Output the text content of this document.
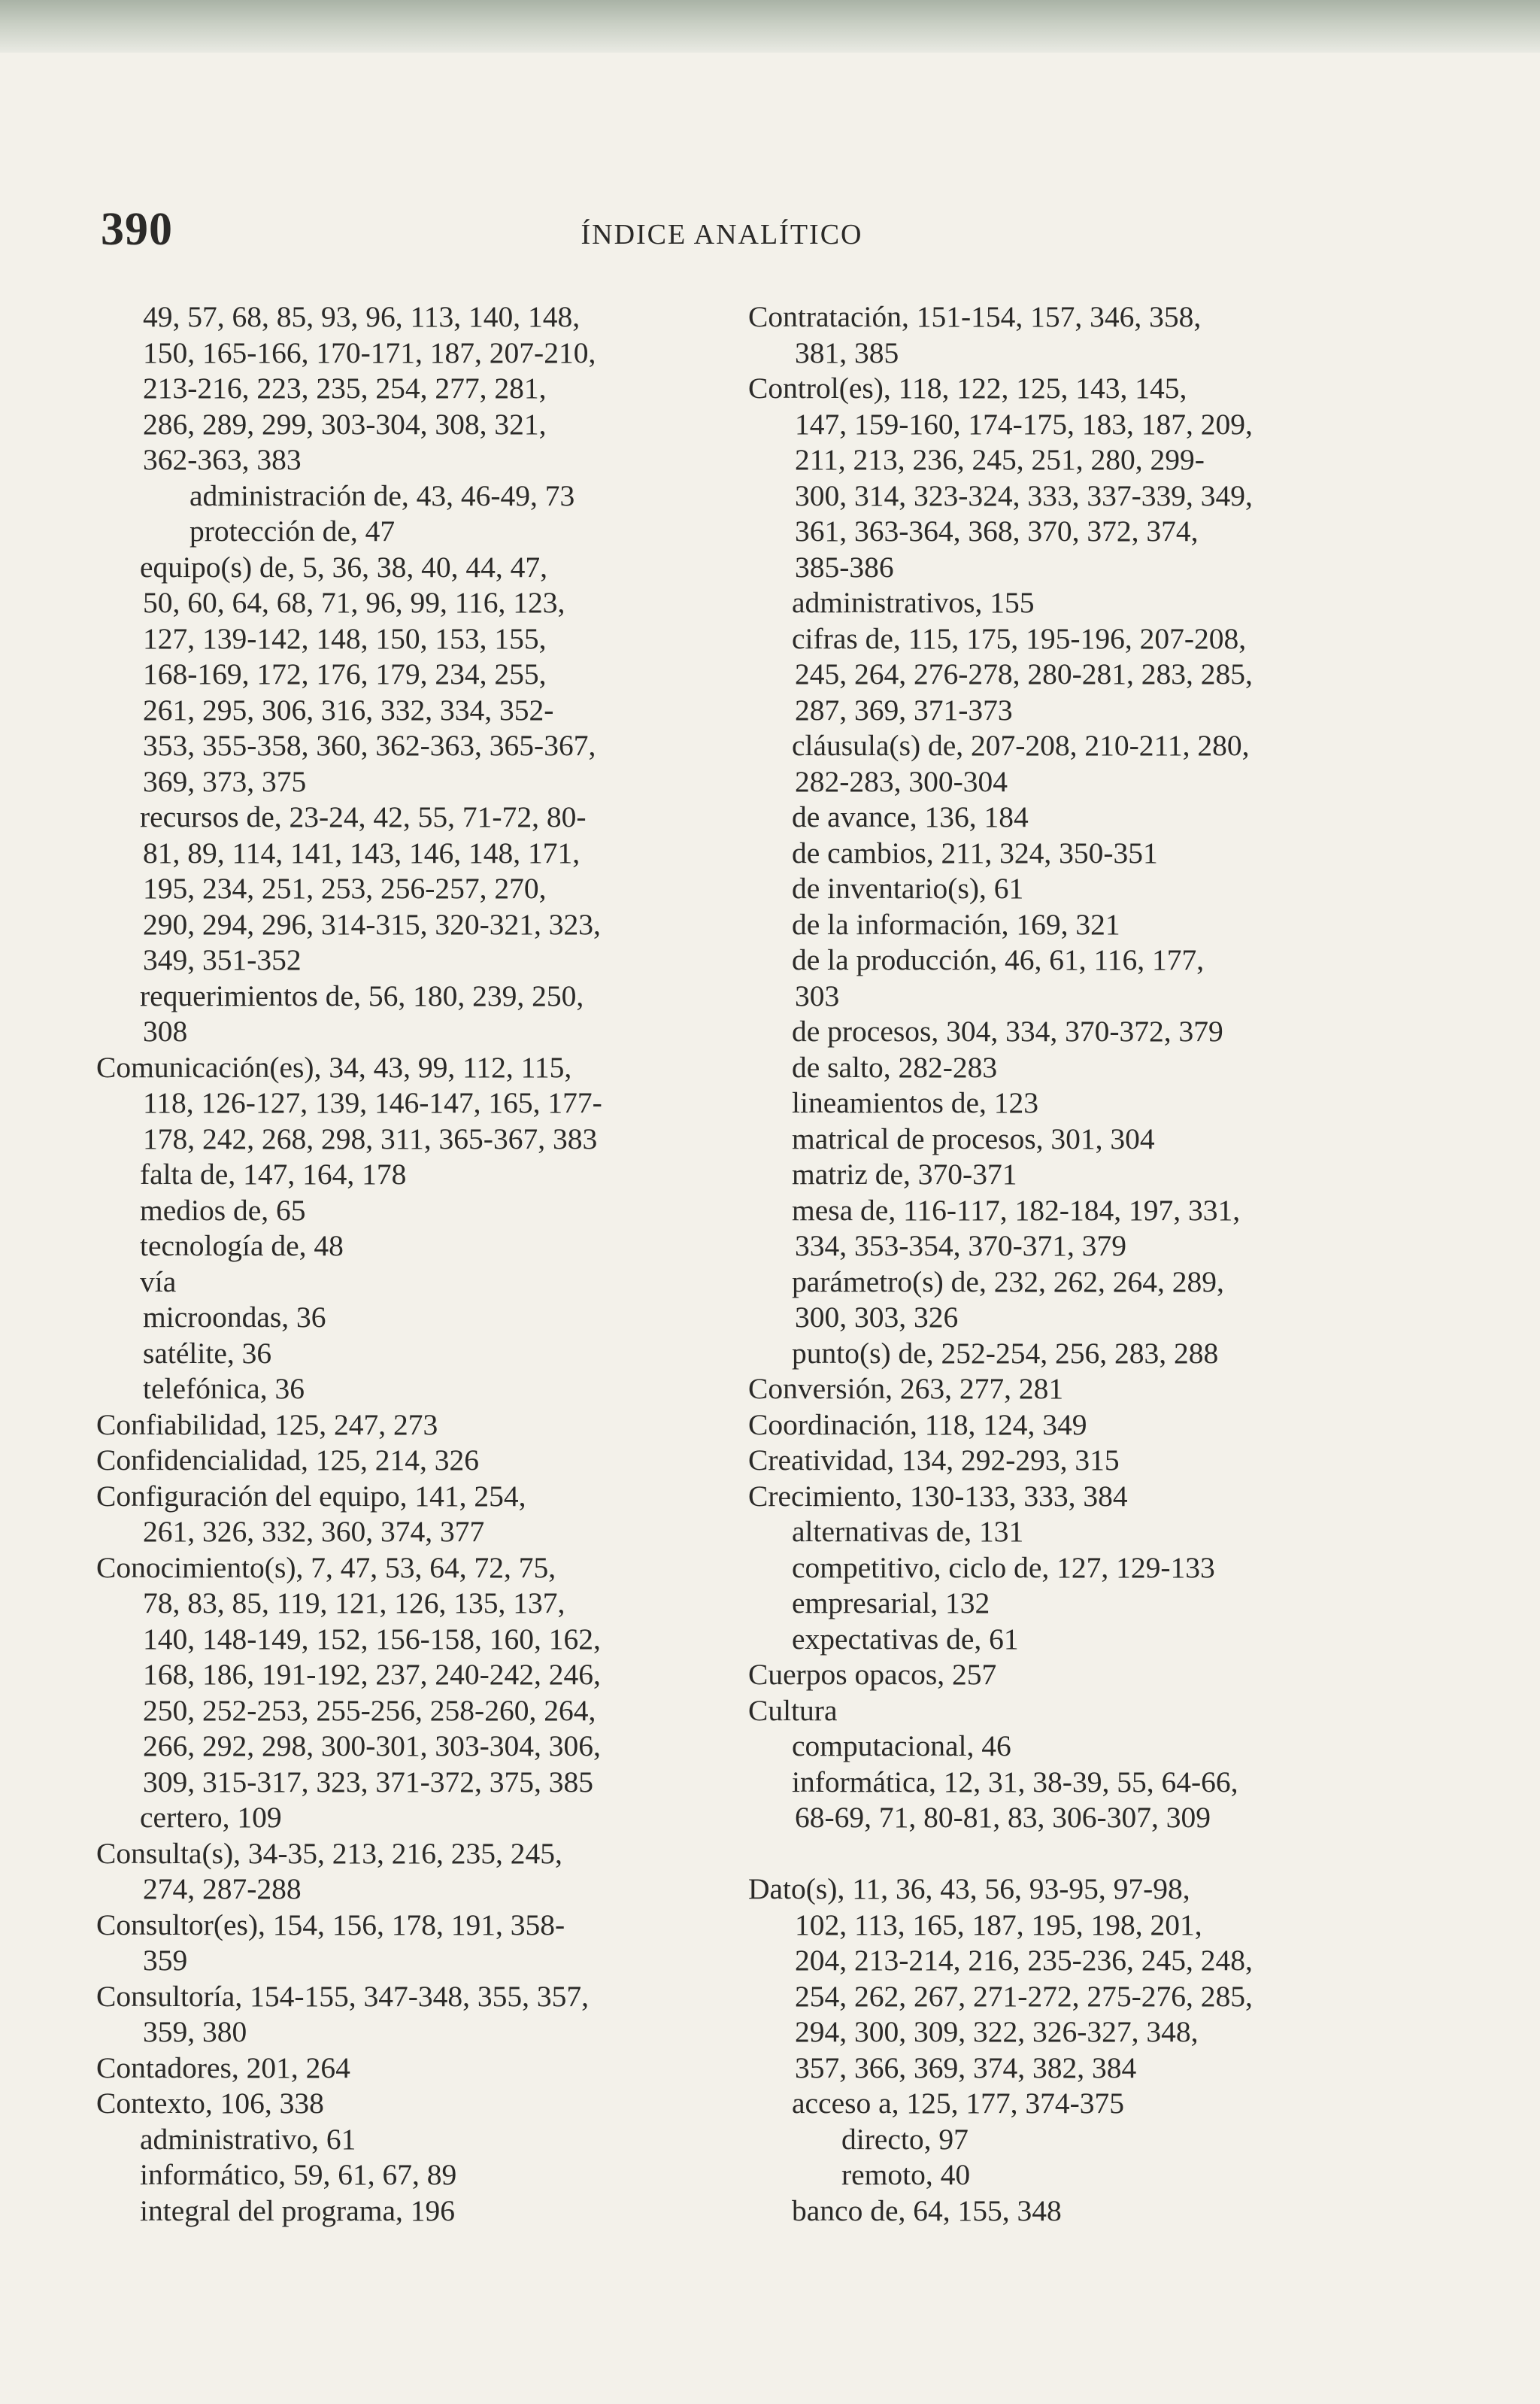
390	ÍNDICE ANALÍTICO
49, 57, 68, 85, 93, 96, 113, 140, 148,
150, 165-166, 170-171, 187, 207-210,
213-216, 223, 235, 254, 277, 281,
286, 289, 299, 303-304, 308, 321,
362-363, 383
administración de, 43, 46-49, 73
protección de, 47
equipo(s) de, 5, 36, 38, 40, 44, 47,
50, 60, 64, 68, 71, 96, 99, 116, 123,
127, 139-142, 148, 150, 153, 155,
168-169, 172, 176, 179, 234, 255,
261, 295, 306, 316, 332, 334, 352-
353, 355-358, 360, 362-363, 365-367,
369, 373, 375
recursos de, 23-24, 42, 55, 71-72, 80-
81, 89, 114, 141, 143, 146, 148, 171,
195, 234, 251, 253, 256-257, 270,
290, 294, 296, 314-315, 320-321, 323,
349, 351-352
requerimientos de, 56, 180, 239, 250,
308
Comunicación(es), 34, 43, 99, 112, 115,
118, 126-127, 139, 146-147, 165, 177-
178, 242, 268, 298, 311, 365-367, 383
falta de, 147, 164, 178
medios de, 65
tecnología de, 48
vía
microondas, 36
satélite, 36
telefónica, 36
Confiabilidad, 125, 247, 273
Confidencialidad, 125, 214, 326
Configuración del equipo, 141, 254,
261, 326, 332, 360, 374, 377
Conocimiento(s), 7, 47, 53, 64, 72, 75,
78, 83, 85, 119, 121, 126, 135, 137,
140, 148-149, 152, 156-158, 160, 162,
168, 186, 191-192, 237, 240-242, 246,
250, 252-253, 255-256, 258-260, 264,
266, 292, 298, 300-301, 303-304, 306,
309, 315-317, 323, 371-372, 375, 385
certero, 109
Consulta(s), 34-35, 213, 216, 235, 245,
274, 287-288
Consultor(es), 154, 156, 178, 191, 358-
359
Consultoría, 154-155, 347-348, 355, 357,
359, 380
Contadores, 201, 264
Contexto, 106, 338
administrativo, 61
informático, 59, 61, 67, 89
integral del programa, 196
Contratación, 151-154, 157, 346, 358,
381, 385
Control(es), 118, 122, 125, 143, 145,
147, 159-160, 174-175, 183, 187, 209,
211, 213, 236, 245, 251, 280, 299-
300, 314, 323-324, 333, 337-339, 349,
361, 363-364, 368, 370, 372, 374,
385-386
administrativos, 155
cifras de, 115, 175, 195-196, 207-208,
245, 264, 276-278, 280-281, 283, 285,
287, 369, 371-373
cláusula(s) de, 207-208, 210-211, 280,
282-283, 300-304
de avance, 136, 184
de cambios, 211, 324, 350-351
de inventario(s), 61
de la información, 169, 321
de la producción, 46, 61, 116, 177,
303
de procesos, 304, 334, 370-372, 379
de salto, 282-283
lineamientos de, 123
matrical de procesos, 301, 304
matriz de, 370-371
mesa de, 116-117, 182-184, 197, 331,
334, 353-354, 370-371, 379
parámetro(s) de, 232, 262, 264, 289,
300, 303, 326
punto(s) de, 252-254, 256, 283, 288
Conversión, 263, 277, 281
Coordinación, 118, 124, 349
Creatividad, 134, 292-293, 315
Crecimiento, 130-133, 333, 384
alternativas de, 131
competitivo, ciclo de, 127, 129-133
empresarial, 132
expectativas de, 61
Cuerpos opacos, 257
Cultura
computacional, 46
informática, 12, 31, 38-39, 55, 64-66,
68-69, 71, 80-81, 83, 306-307, 309
Dato(s), 11, 36, 43, 56, 93-95, 97-98,
102, 113, 165, 187, 195, 198, 201,
204, 213-214, 216, 235-236, 245, 248,
254, 262, 267, 271-272, 275-276, 285,
294, 300, 309, 322, 326-327, 348,
357, 366, 369, 374, 382, 384
acceso a, 125, 177, 374-375
directo, 97
remoto, 40
banco de, 64, 155, 348
